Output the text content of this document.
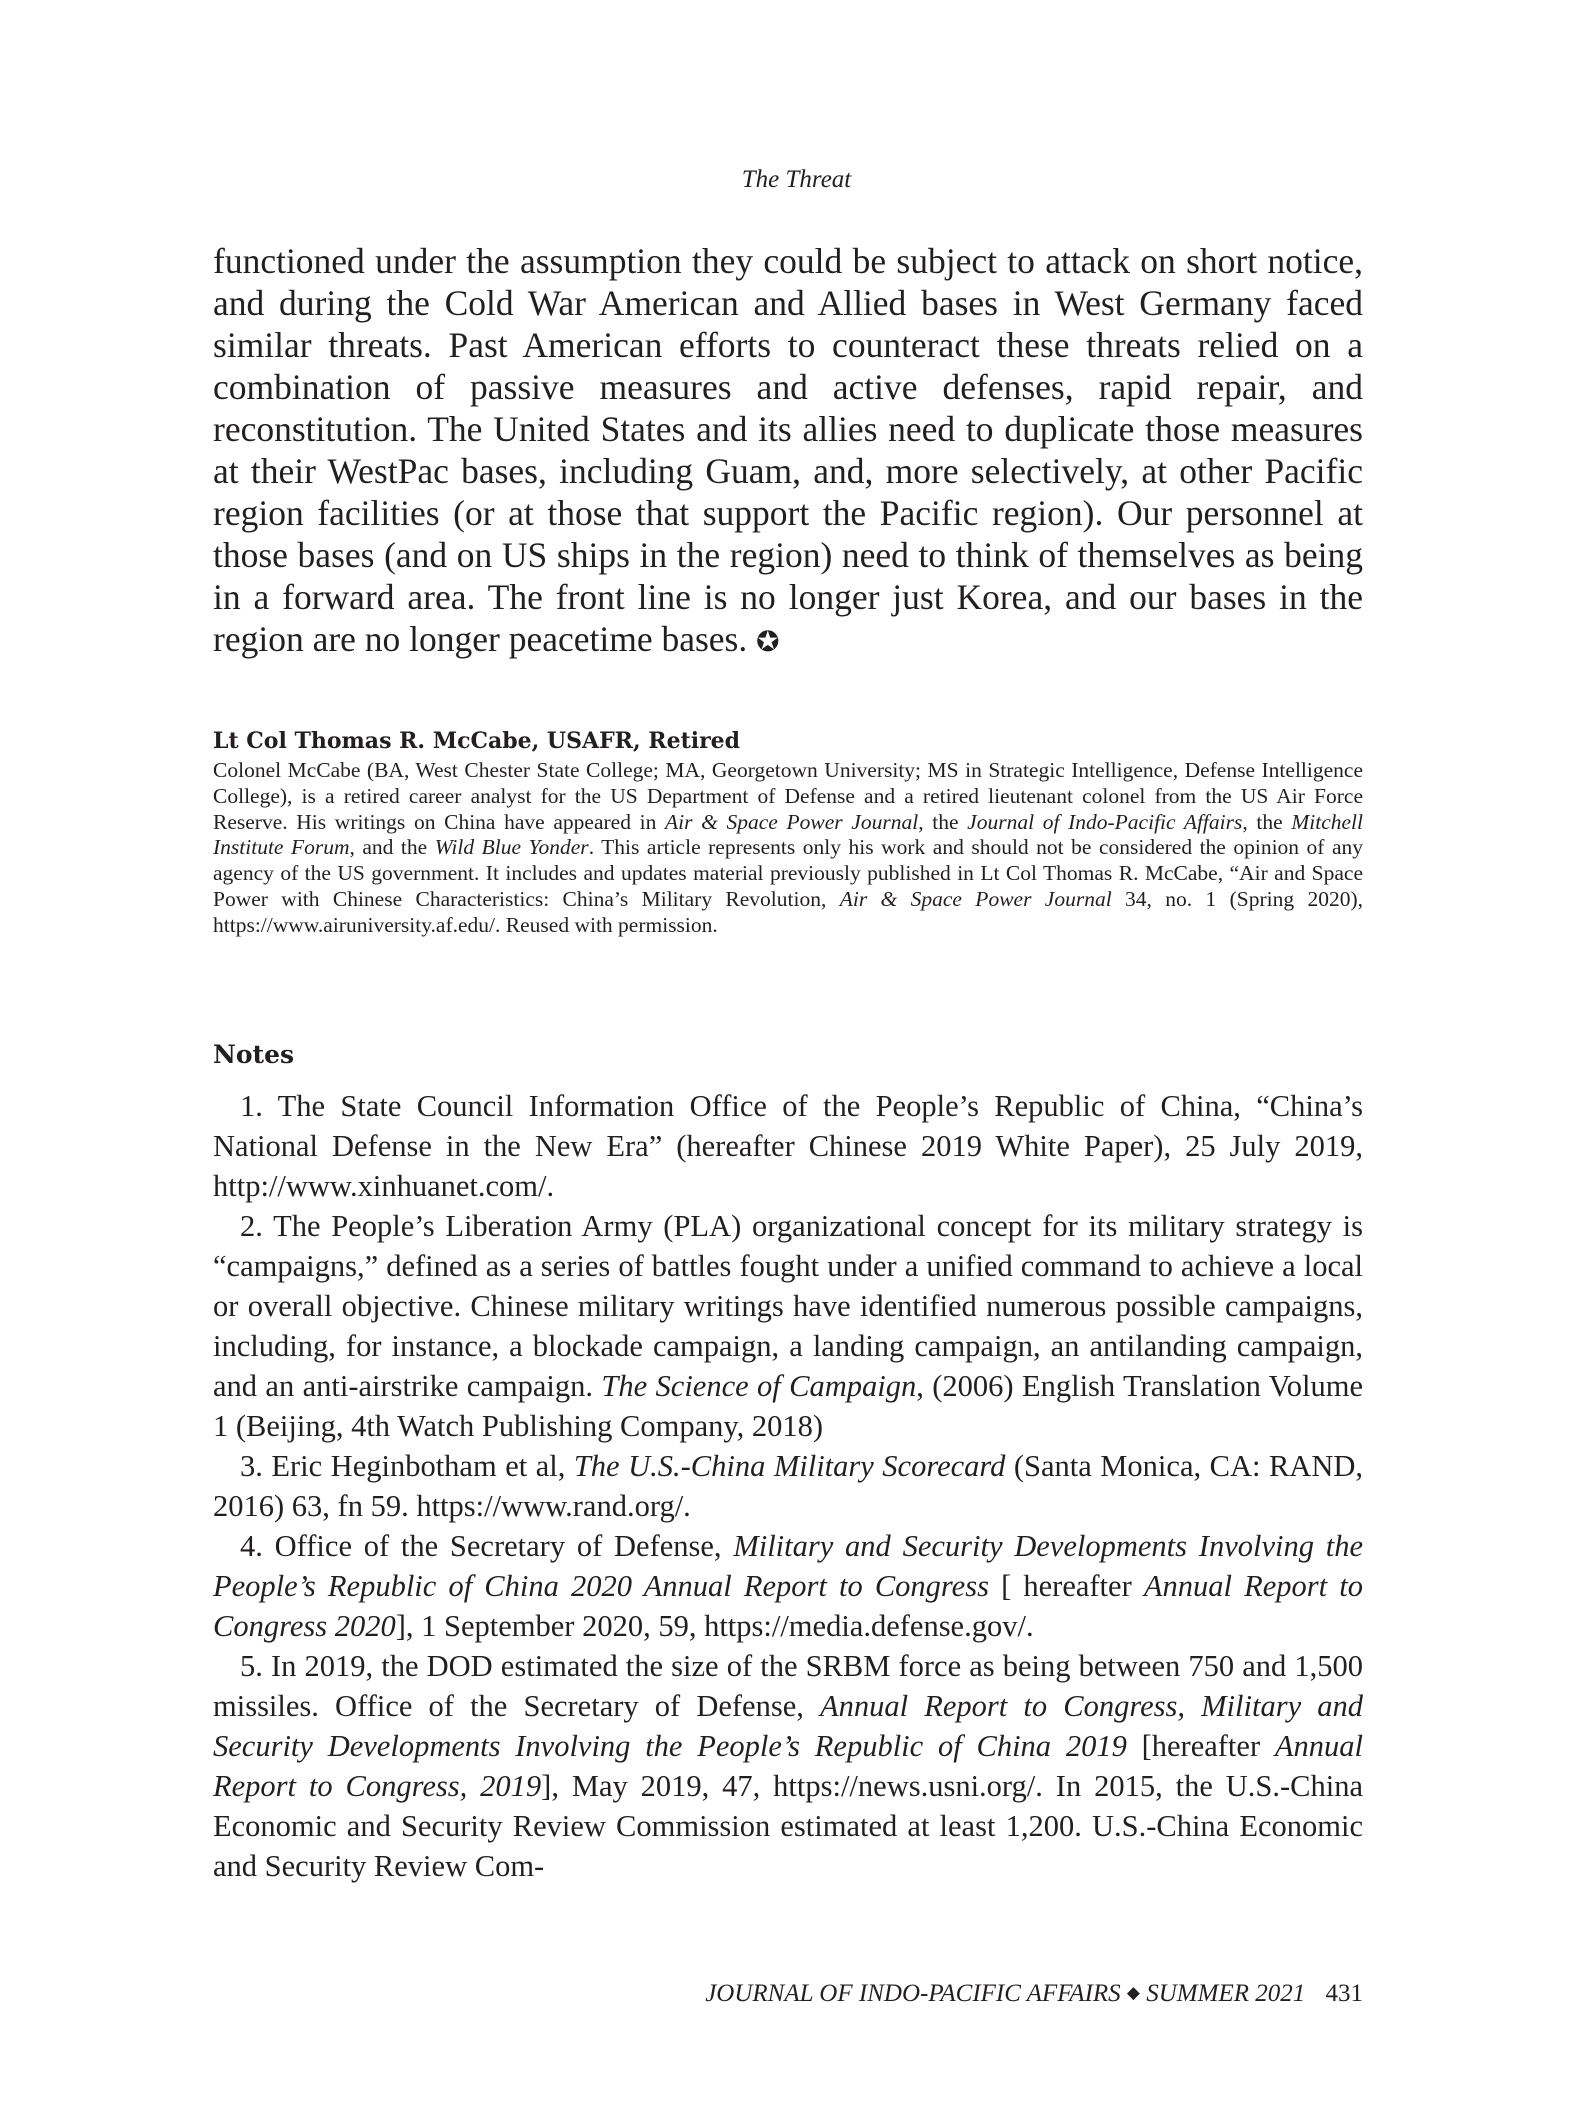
The Threat

functioned under the assumption they could be subject to attack on short notice, and during the Cold War American and Allied bases in West Germany faced similar threats. Past American efforts to counteract these threats relied on a combination of passive measures and active defenses, rapid repair, and reconstitution. The United States and its allies need to duplicate those measures at their WestPac bases, including Guam, and, more selectively, at other Pacific region facilities (or at those that support the Pacific region). Our personnel at those bases (and on US ships in the region) need to think of themselves as being in a forward area. The front line is no longer just Korea, and our bases in the region are no longer peacetime bases. ✪

Lt Col Thomas R. McCabe, USAFR, Retired

Colonel McCabe (BA, West Chester State College; MA, Georgetown University; MS in Strategic Intelligence, Defense Intelligence College), is a retired career analyst for the US Department of Defense and a retired lieutenant colonel from the US Air Force Reserve. His writings on China have appeared in Air & Space Power Journal, the Journal of Indo-Pacific Affairs, the Mitchell Institute Forum, and the Wild Blue Yonder. This article represents only his work and should not be considered the opinion of any agency of the US government. It includes and updates material previously published in Lt Col Thomas R. McCabe, “Air and Space Power with Chinese Characteristics: China’s Military Revolution, Air & Space Power Journal 34, no. 1 (Spring 2020), https://www.airuniversity.af.edu/. Reused with permission.

Notes

1. The State Council Information Office of the People’s Republic of China, “China’s National Defense in the New Era” (hereafter Chinese 2019 White Paper), 25 July 2019, http://www.xinhuanet.com/.

2. The People’s Liberation Army (PLA) organizational concept for its military strategy is “campaigns,” defined as a series of battles fought under a unified command to achieve a local or overall objective. Chinese military writings have identified numerous possible campaigns, including, for instance, a blockade campaign, a landing campaign, an antilanding campaign, and an anti-airstrike campaign. The Science of Campaign, (2006) English Translation Volume 1 (Beijing, 4th Watch Publishing Company, 2018)

3. Eric Heginbotham et al, The U.S.-China Military Scorecard (Santa Monica, CA: RAND, 2016) 63, fn 59. https://www.rand.org/.

4. Office of the Secretary of Defense, Military and Security Developments Involving the People’s Republic of China 2020 Annual Report to Congress [ hereafter Annual Report to Congress 2020], 1 September 2020, 59, https://media.defense.gov/.

5. In 2019, the DOD estimated the size of the SRBM force as being between 750 and 1,500 missiles. Office of the Secretary of Defense, Annual Report to Congress, Military and Security Developments Involving the People’s Republic of China 2019 [hereafter Annual Report to Congress, 2019], May 2019, 47, https://news.usni.org/. In 2015, the U.S.-China Economic and Security Review Commission estimated at least 1,200. U.S.-China Economic and Security Review Com-

JOURNAL OF INDO-PACIFIC AFFAIRS ◆ SUMMER 2021 431
